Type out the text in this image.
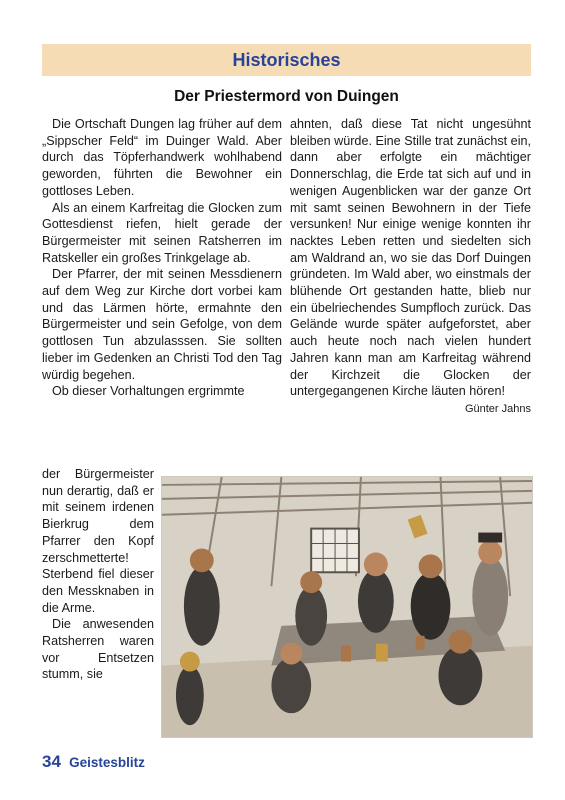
Historisches
Der Priestermord von Duingen

Die Ortschaft Dungen lag früher auf dem „Sippscher Feld“ im Duinger Wald. Aber durch das Töpferhandwerk wohlhabend geworden, führten die Bewohner ein gottloses Leben.

Als an einem Karfreitag die Glocken zum Gottesdienst riefen, hielt gerade der Bürgermeister mit seinen Ratsherren im Ratskeller ein großes Trinkgelage ab.

Der Pfarrer, der mit seinen Messdienern auf dem Weg zur Kirche dort vorbei kam und das Lärmen hörte, ermahnte den Bürgermeister und sein Gefolge, von dem gottlosen Tun abzulasssen. Sie sollten lieber im Gedenken an Christi Tod den Tag würdig begehen.

Ob dieser Vorhaltungen ergrimmte

der Bürgermeister nun derartig, daß er mit seinem irdenen Bierkrug dem Pfarrer den Kopf zerschmetterte! Sterbend fiel dieser den Messknaben in die Arme.

Die anwesenden Ratsherren waren vor Entsetzen stumm, sie

ahnten, daß diese Tat nicht ungesühnt bleiben würde. Eine Stille trat zunächst ein, dann aber erfolgte ein mächtiger Donnerschlag, die Erde tat sich auf und in wenigen Augenblicken war der ganze Ort mit samt seinen Bewohnern in der Tiefe versunken! Nur einige wenige konnten ihr nacktes Leben retten und siedelten sich am Waldrand an, wo sie das Dorf Duingen gründeten. Im Wald aber, wo einstmals der blühende Ort gestanden hatte, blieb nur ein übelriechendes Sumpfloch zurück. Das Gelände wurde später aufgeforstet, aber auch heute noch nach vielen hundert Jahren kann man am Karfreitag während der Kirchzeit die Glocken der untergegangenen Kirche läuten hören!

Günter Jahns
34 Geistesblitz
